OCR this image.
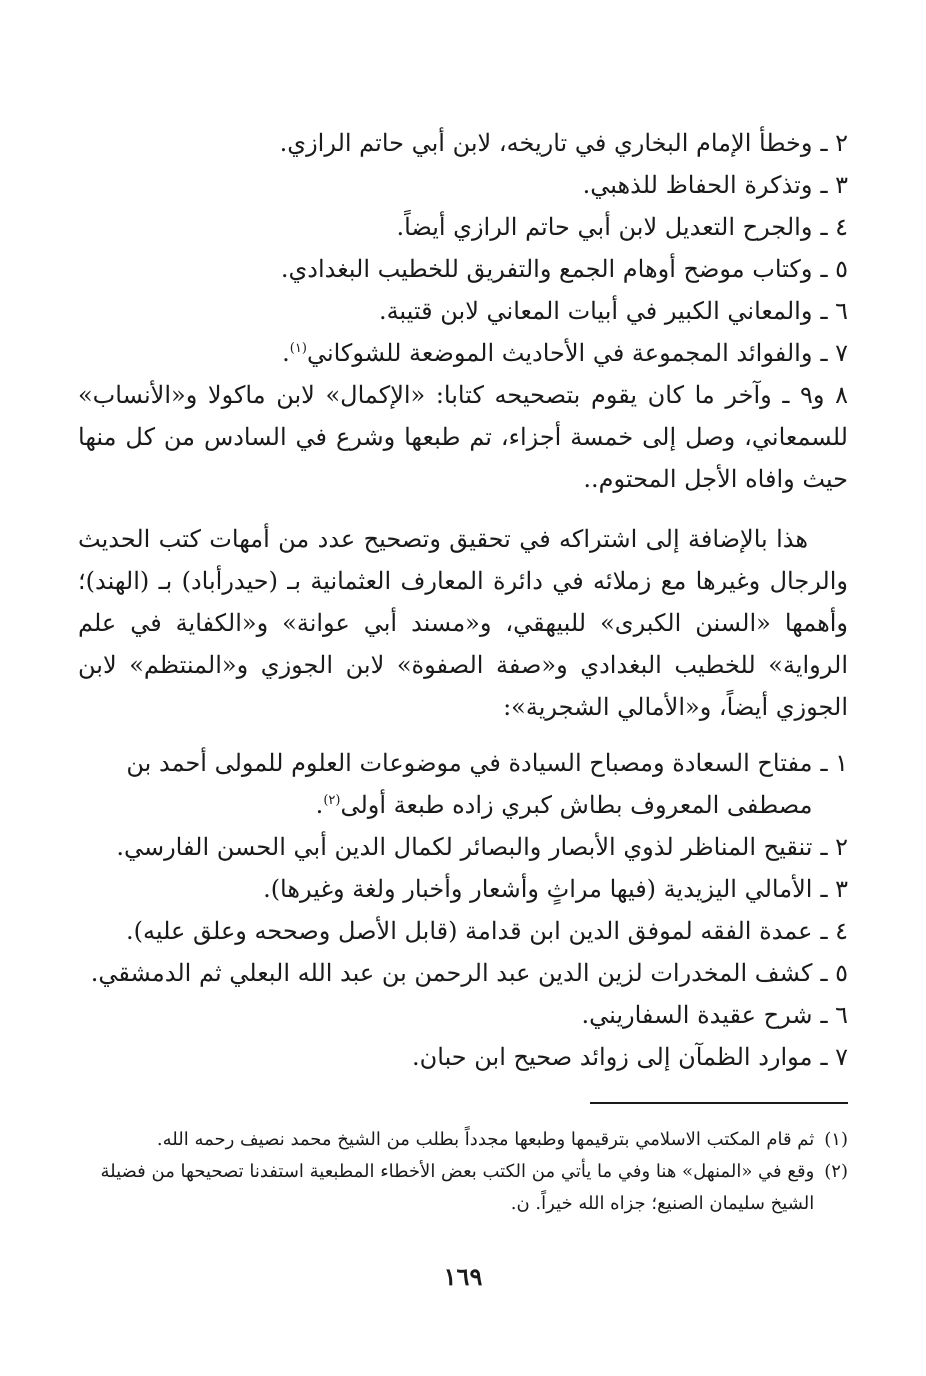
٢ ـ
وخطأ الإمام البخاري في تاريخه، لابن أبي حاتم الرازي.
٣ ـ
وتذكرة الحفاظ للذهبي.
٤ ـ
والجرح التعديل لابن أبي حاتم الرازي أيضاً.
٥ ـ
وكتاب موضح أوهام الجمع والتفريق للخطيب البغدادي.
٦ ـ
والمعاني الكبير في أبيات المعاني لابن قتيبة.
٧ ـ
والفوائد المجموعة في الأحاديث الموضعة للشوكاني$^{(١)}$.
٨ و٩ ـ وآخر ما كان يقوم بتصحيحه كتابا: «الإكمال» لابن ماكولا و«الأنساب» للسمعاني، وصل إلى خمسة أجزاء، تم طبعها وشرع في السادس من كل منها حيث وافاه الأجل المحتوم..
هذا بالإضافة إلى اشتراكه في تحقيق وتصحيح عدد من أمهات كتب الحديث والرجال وغيرها مع زملائه في دائرة المعارف العثمانية بـ (حيدرأباد) بـ (الهند)؛ وأهمها «السنن الكبرى» للبيهقي، و«مسند أبي عوانة» و«الكفاية في علم الرواية» للخطيب البغدادي و«صفة الصفوة» لابن الجوزي و«المنتظم» لابن الجوزي أيضاً، و«الأمالي الشجرية»:
١ ـ
مفتاح السعادة ومصباح السيادة في موضوعات العلوم للمولى أحمد بن مصطفى المعروف بطاش كبري زاده طبعة أولى$^{(٢)}$.
٢ ـ
تنقيح المناظر لذوي الأبصار والبصائر لكمال الدين أبي الحسن الفارسي.
٣ ـ
الأمالي اليزيدية (فيها مراثٍ وأشعار وأخبار ولغة وغيرها).
٤ ـ
عمدة الفقه لموفق الدين ابن قدامة (قابل الأصل وصححه وعلق عليه).
٥ ـ
كشف المخدرات لزين الدين عبد الرحمن بن عبد الله البعلي ثم الدمشقي.
٦ ـ
شرح عقيدة السفاريني.
٧ ـ
موارد الظمآن إلى زوائد صحيح ابن حبان.
(١)
ثم قام المكتب الاسلامي بترقيمها وطبعها مجدداً بطلب من الشيخ محمد نصيف رحمه الله.
(٢)
وقع في «المنهل» هنا وفي ما يأتي من الكتب بعض الأخطاء المطبعية استفدنا تصحيحها من فضيلة الشيخ سليمان الصنيع؛ جزاه الله خيراً. ن.
١٦٩
